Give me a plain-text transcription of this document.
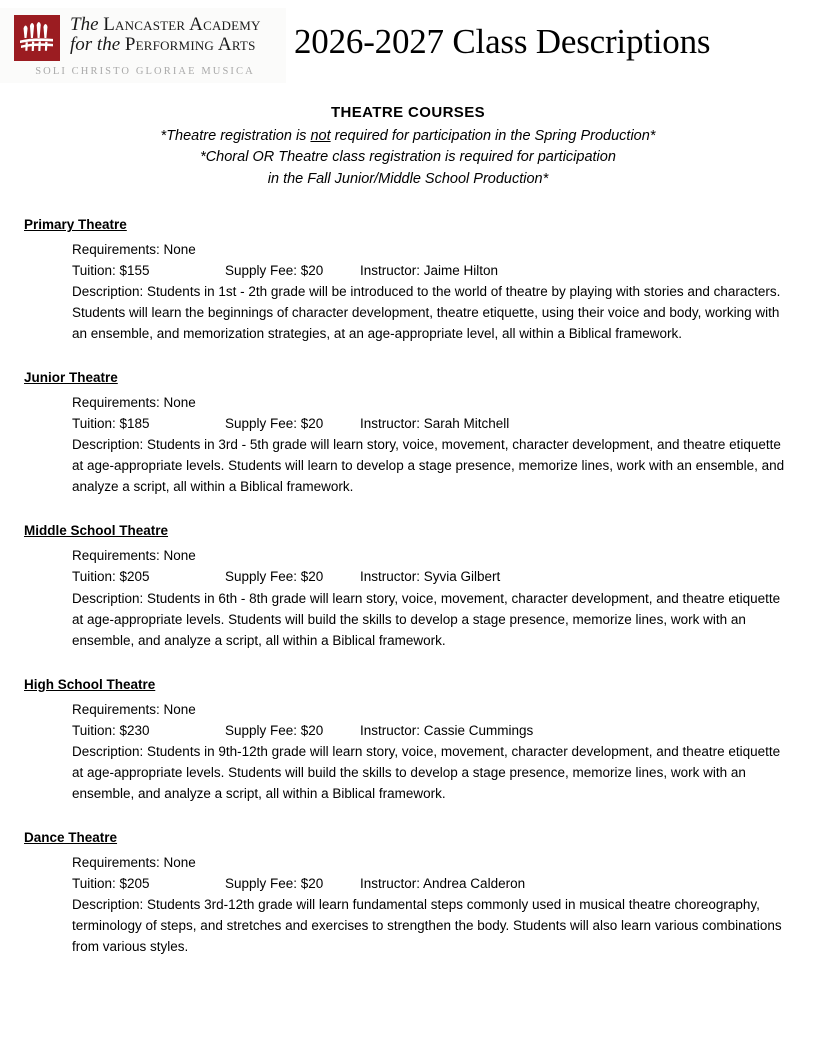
The Lancaster Academy
for the Performing Arts
SOLI CHRISTO GLORIAE MUSICA
2026-2027 Class Descriptions
THEATRE COURSES
*Theatre registration is not required for participation in the Spring Production*
*Choral OR Theatre class registration is required for participation
in the Fall Junior/Middle School Production*
Primary Theatre
Requirements: None
Tuition: $155	Supply Fee: $20	Instructor: Jaime Hilton
Description: Students in 1st - 2th grade will be introduced to the world of theatre by playing with stories and characters. Students will learn the beginnings of character development, theatre etiquette, using their voice and body, working with an ensemble, and memorization strategies, at an age-appropriate level, all within a Biblical framework.
Junior Theatre
Requirements: None
Tuition: $185	Supply Fee: $20	Instructor: Sarah Mitchell
Description: Students in 3rd - 5th grade will learn story, voice, movement, character development, and theatre etiquette at age-appropriate levels. Students will learn to develop a stage presence, memorize lines, work with an ensemble, and analyze a script, all within a Biblical framework.
Middle School Theatre
Requirements: None
Tuition: $205	Supply Fee: $20	Instructor: Syvia Gilbert
Description: Students in 6th - 8th grade will learn story, voice, movement, character development, and theatre etiquette at age-appropriate levels. Students will build the skills to develop a stage presence, memorize lines, work with an ensemble, and analyze a script, all within a Biblical framework.
High School Theatre
Requirements: None
Tuition: $230	Supply Fee: $20	Instructor: Cassie Cummings
Description: Students in 9th-12th grade will learn story, voice, movement, character development, and theatre etiquette at age-appropriate levels. Students will build the skills to develop a stage presence, memorize lines, work with an ensemble, and analyze a script, all within a Biblical framework.
Dance Theatre
Requirements: None
Tuition: $205	Supply Fee: $20	Instructor: Andrea Calderon
Description: Students 3rd-12th grade will learn fundamental steps commonly used in musical theatre choreography, terminology of steps, and stretches and exercises to strengthen the body. Students will also learn various combinations from various styles.
